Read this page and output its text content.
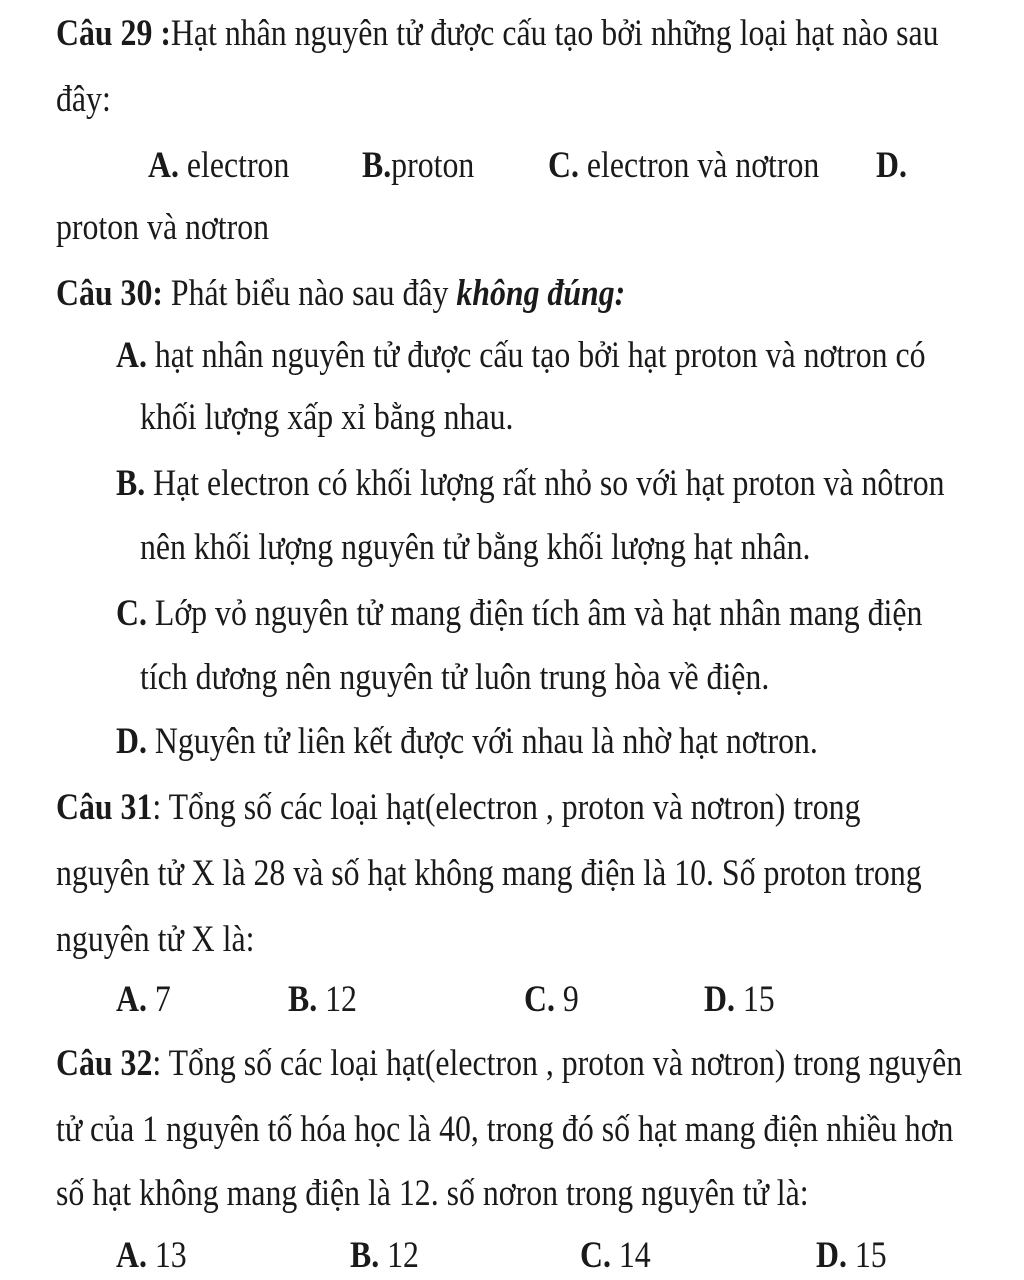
Câu 29 :Hạt nhân nguyên tử được cấu tạo bởi những loại hạt nào sau
đây:
A. electron B.proton C. electron và nơtron D.
proton và nơtron
Câu 30: Phát biểu nào sau đây không đúng:
A. hạt nhân nguyên tử được cấu tạo bởi hạt proton và nơtron có
khối lượng xấp xỉ bằng nhau.
B. Hạt electron có khối lượng rất nhỏ so với hạt proton và nôtron
nên khối lượng nguyên tử bằng khối lượng hạt nhân.
C. Lớp vỏ nguyên tử mang điện tích âm và hạt nhân mang điện
tích dương nên nguyên tử luôn trung hòa về điện.
D. Nguyên tử liên kết được với nhau là nhờ hạt nơtron.
Câu 31: Tổng số các loại hạt(electron , proton và nơtron) trong
nguyên tử X là 28 và số hạt không mang điện là 10. Số proton trong
nguyên tử X là:
A. 7	B. 12	C. 9	D. 15
Câu 32: Tổng số các loại hạt(electron , proton và nơtron) trong nguyên
tử của 1 nguyên tố hóa học là 40, trong đó số hạt mang điện nhiều hơn
số hạt không mang điện là 12. số nơron trong nguyên tử là:
A. 13	B. 12	C. 14	D. 15
